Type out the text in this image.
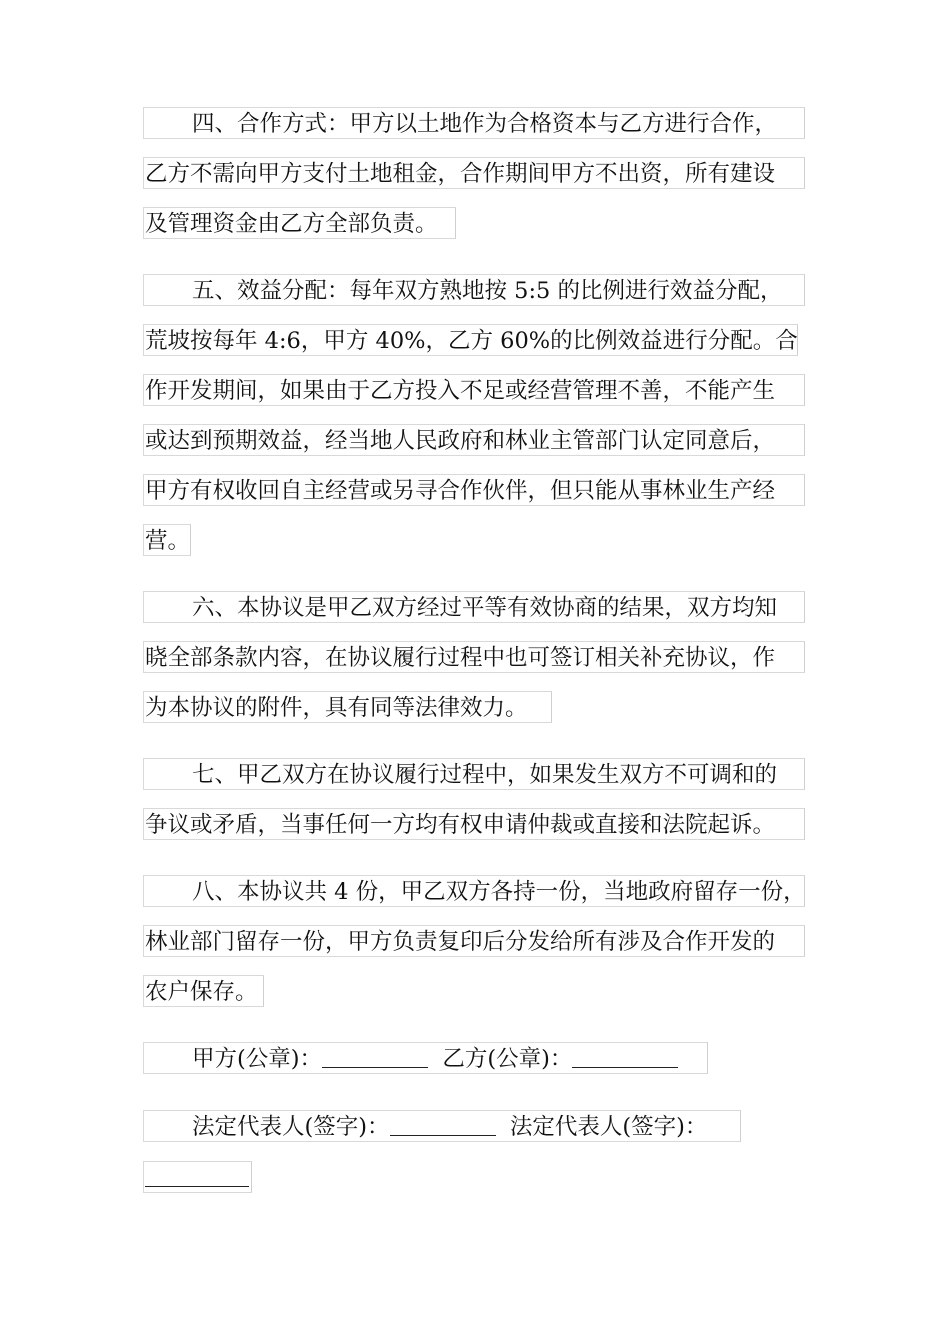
四、合作方式：甲方以土地作为合格资本与乙方进行合作，
乙方不需向甲方支付土地租金，合作期间甲方不出资，所有建设
及管理资金由乙方全部负责。
五、效益分配：每年双方熟地按 5:5 的比例进行效益分配，
荒坡按每年 4:6，甲方 40%，乙方 60%的比例效益进行分配。合
作开发期间，如果由于乙方投入不足或经营管理不善，不能产生
或达到预期效益，经当地人民政府和林业主管部门认定同意后，
甲方有权收回自主经营或另寻合作伙伴，但只能从事林业生产经
营。
六、本协议是甲乙双方经过平等有效协商的结果，双方均知
晓全部条款内容，在协议履行过程中也可签订相关补充协议，作
为本协议的附件，具有同等法律效力。
七、甲乙双方在协议履行过程中，如果发生双方不可调和的
争议或矛盾，当事任何一方均有权申请仲裁或直接和法院起诉。
八、本协议共 4 份，甲乙双方各持一份，当地政府留存一份，
林业部门留存一份，甲方负责复印后分发给所有涉及合作开发的
农户保存。
甲方(公章)：	乙方(公章)：
法定代表人(签字)：	法定代表人(签字)：
